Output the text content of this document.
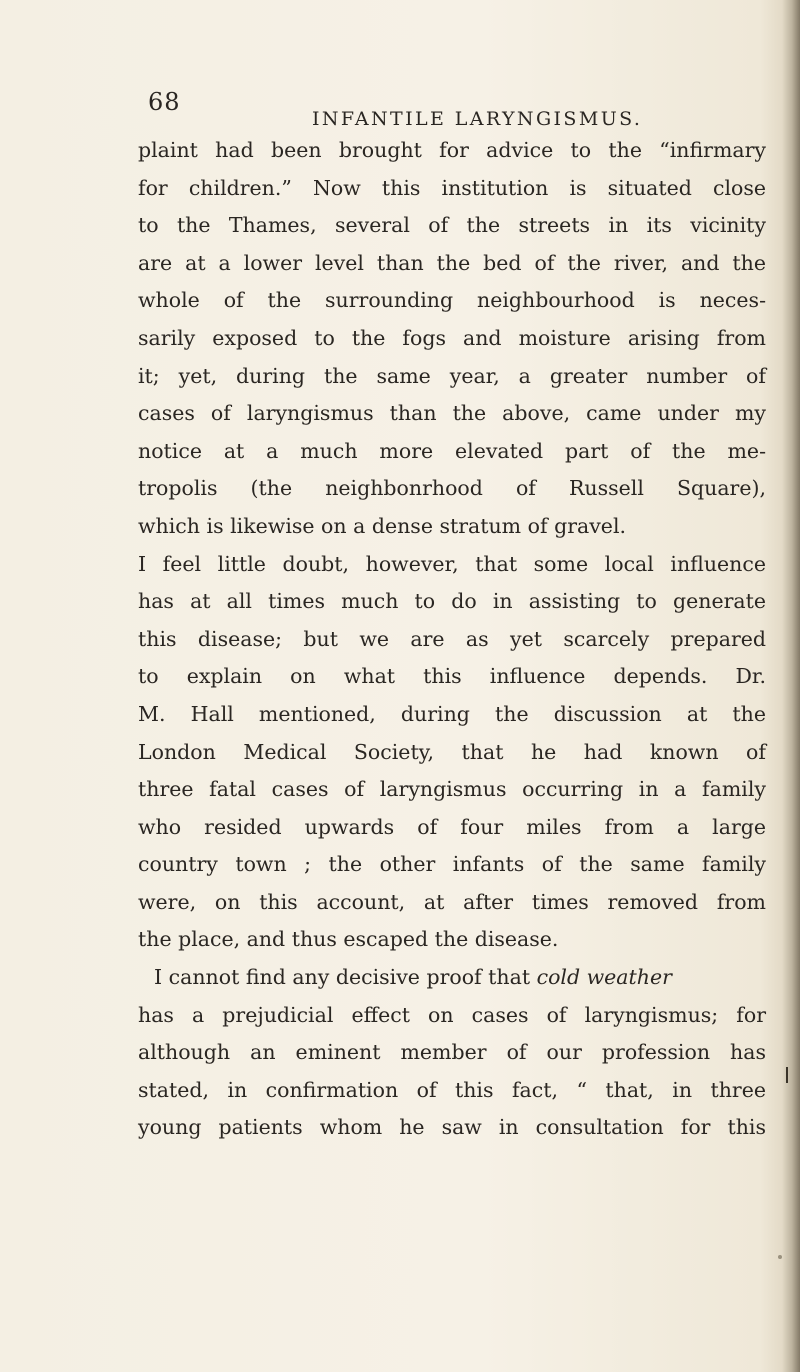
68
INFANTILE LARYNGISMUS.
plaint had been brought for advice to the “infirmary
for children.” Now this institution is situated close
to the Thames, several of the streets in its vicinity
are at a lower level than the bed of the river, and the
whole of the surrounding neighbourhood is neces-
sarily exposed to the fogs and moisture arising from
it; yet, during the same year, a greater number of
cases of laryngismus than the above, came under my
notice at a much more elevated part of the me-
tropolis (the neighbonrhood of Russell Square),
which is likewise on a dense stratum of gravel.
I feel little doubt, however, that some local influence
has at all times much to do in assisting to generate
this disease; but we are as yet scarcely prepared
to explain on what this influence depends. Dr.
M. Hall mentioned, during the discussion at the
London Medical Society, that he had known of
three fatal cases of laryngismus occurring in a family
who resided upwards of four miles from a large
country town ; the other infants of the same family
were, on this account, at after times removed from
the place, and thus escaped the disease.
I cannot find any decisive proof that cold weather
has a prejudicial effect on cases of laryngismus; for
although an eminent member of our profession has
stated, in confirmation of this fact, “ that, in three
young patients whom he saw in consultation for this
